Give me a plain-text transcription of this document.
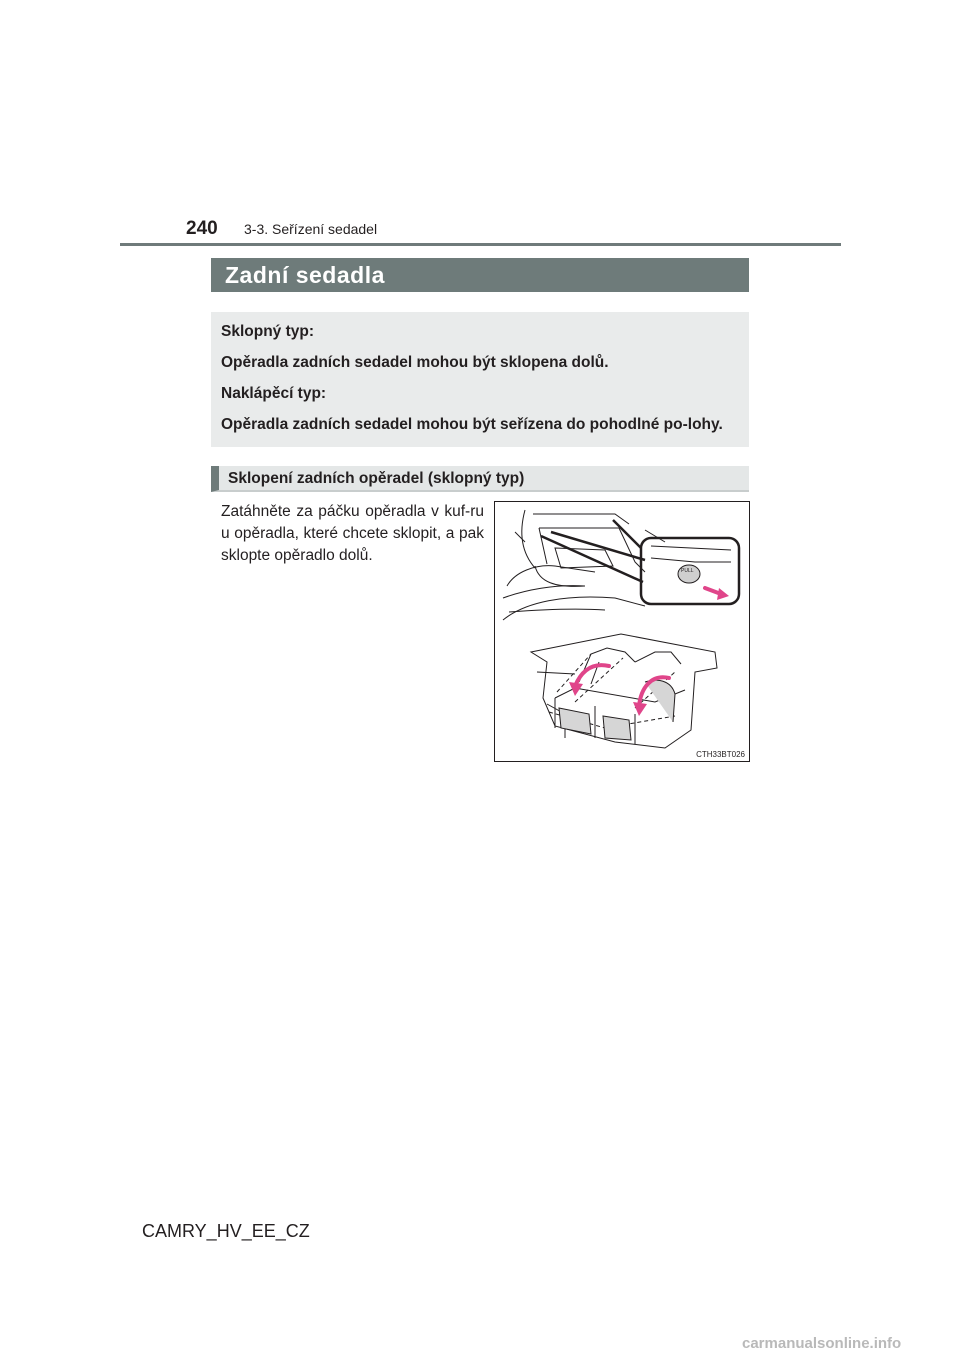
240 3-3. Seřízení sedadel
Zadní sedadla

Sklopný typ:

Opěradla zadních sedadel mohou být sklopena dolů.

Naklápěcí typ:

Opěradla zadních sedadel mohou být seřízena do pohodlné po-lohy.

Sklopení zadních opěradel (sklopný typ)
Zatáhněte za páčku opěradla v kuf-ru u opěradla, které chcete sklopit, a pak sklopte opěradlo dolů.
PULL
CTH33BT026
CAMRY_HV_EE_CZ
carmanualsonline.info
